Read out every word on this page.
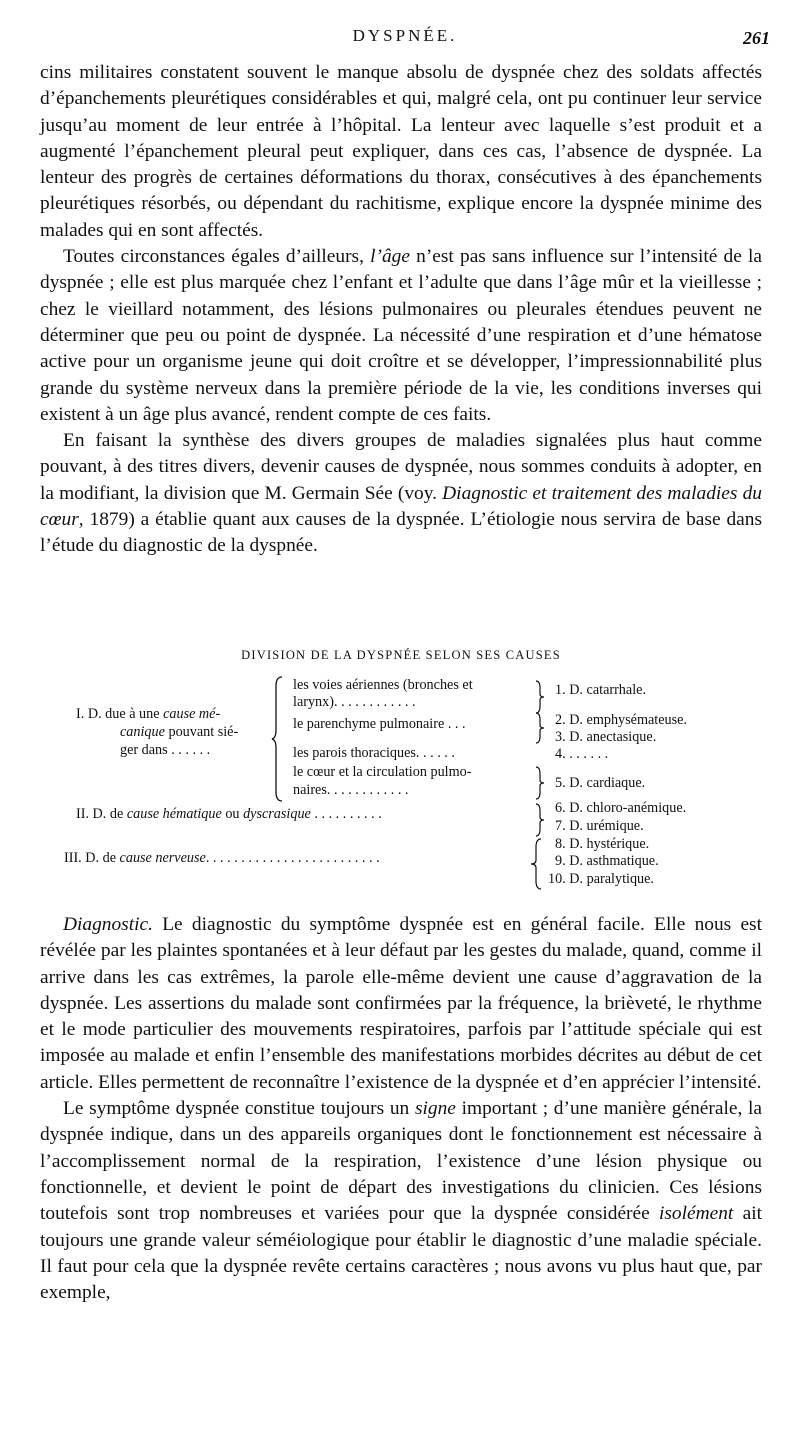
DYSPNÉE.	261

cins militaires constatent souvent le manque absolu de dyspnée chez des soldats affectés d’épanchements pleurétiques considérables et qui, malgré cela, ont pu continuer leur service jusqu’au moment de leur entrée à l’hôpital. La lenteur avec laquelle s’est produit et a augmenté l’épanchement pleural peut expliquer, dans ces cas, l’absence de dyspnée. La lenteur des progrès de certaines déformations du thorax, consécutives à des épanchements pleurétiques résorbés, ou dépendant du rachitisme, explique encore la dyspnée minime des malades qui en sont affectés.

Toutes circonstances égales d’ailleurs, l’âge n’est pas sans influence sur l’intensité de la dyspnée ; elle est plus marquée chez l’enfant et l’adulte que dans l’âge mûr et la vieillesse ; chez le vieillard notamment, des lésions pulmonaires ou pleurales étendues peuvent ne déterminer que peu ou point de dyspnée. La nécessité d’une respiration et d’une hématose active pour un organisme jeune qui doit croître et se développer, l’impressionnabilité plus grande du système nerveux dans la première période de la vie, les conditions inverses qui existent à un âge plus avancé, rendent compte de ces faits.

En faisant la synthèse des divers groupes de maladies signalées plus haut comme pouvant, à des titres divers, devenir causes de dyspnée, nous sommes conduits à adopter, en la modifiant, la division que M. Germain Sée (voy. Diagnostic et traitement des maladies du cœur, 1879) a établie quant aux causes de la dyspnée. L’étiologie nous servira de base dans l’étude du diagnostic de la dyspnée.

DIVISION DE LA DYSPNÉE SELON SES CAUSES
I. D. due à une cause mé-
canique pouvant sié-
ger dans . . . . . .
les voies aériennes (bronches et
larynx). . . . . . . . . . . .
le parenchyme pulmonaire . . .
les parois thoraciques. . . . . .
le cœur et la circulation pulmo-
naires. . . . . . . . . . . .
II. D. de cause hématique ou dyscrasique . . . . . . . . . .
III. D. de cause nerveuse. . . . . . . . . . . . . . . . . . . . . . . . .
1. D. catarrhale.
2. D. emphysémateuse.
3. D. anectasique.
4. . . . . . .
5. D. cardiaque.
6. D. chloro-anémique.
7. D. urémique.
8. D. hystérique.
9. D. asthmatique.
10. D. paralytique.

Diagnostic. Le diagnostic du symptôme dyspnée est en général facile. Elle nous est révélée par les plaintes spontanées et à leur défaut par les gestes du malade, quand, comme il arrive dans les cas extrêmes, la parole elle-même devient une cause d’aggravation de la dyspnée. Les assertions du malade sont confirmées par la fréquence, la brièveté, le rhythme et le mode particulier des mouvements respiratoires, parfois par l’attitude spéciale qui est imposée au malade et enfin l’ensemble des manifestations morbides décrites au début de cet article. Elles permettent de reconnaître l’existence de la dyspnée et d’en apprécier l’intensité.

Le symptôme dyspnée constitue toujours un signe important ; d’une manière générale, la dyspnée indique, dans un des appareils organiques dont le fonctionnement est nécessaire à l’accomplissement normal de la respiration, l’existence d’une lésion physique ou fonctionnelle, et devient le point de départ des investigations du clinicien. Ces lésions toutefois sont trop nombreuses et variées pour que la dyspnée considérée isolément ait toujours une grande valeur séméiologique pour établir le diagnostic d’une maladie spéciale. Il faut pour cela que la dyspnée revête certains caractères ; nous avons vu plus haut que, par exemple,
